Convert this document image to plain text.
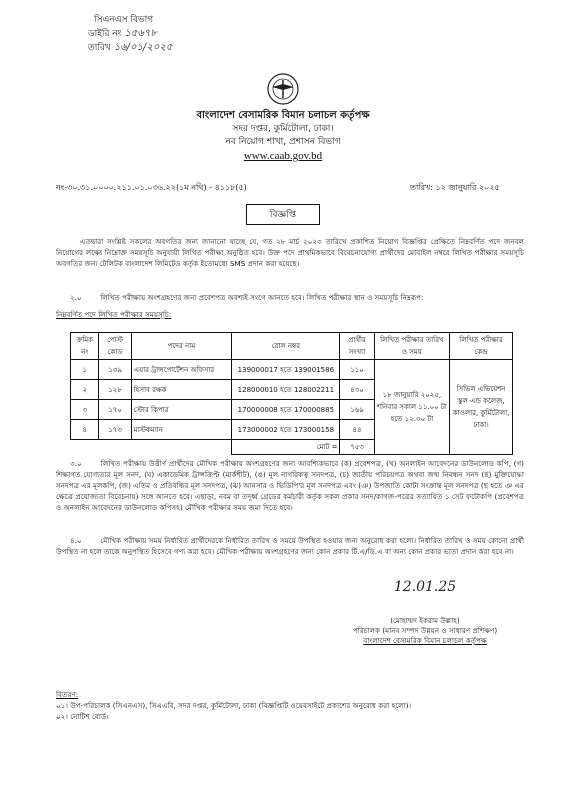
সিএনএস বিভাগ
ডাইরি নং ১৫৬৭৮
তারিখ ১৬/০১/২০২৫
বাংলাদেশ বেসামরিক বিমান চলাচল কর্তৃপক্ষ
সদর দপ্তর, কুর্মিটোলা, ঢাকা।
নব নিয়োগ শাখা, প্রশাসন বিভাগ
www.caab.gov.bd
নং-৩০.৩১.০০০০.২১১.০১.০৩৬.২২(১ম নথি) - ৪১১৮(৫)	তারিখ: ১২ জানুয়ারি ২০২৫
বিজ্ঞপ্তি
এতদ্বারা সংশ্লিষ্ট সকলের অবগতির জন্য জানানো যাচ্ছে যে, গত ২৮ মার্চ ২০২৩ তারিখে প্রকাশিত নিয়োগ বিজ্ঞপ্তির প্রেক্ষিতে নিম্নবর্ণিত পদে জনবল নিয়োগের লক্ষ্যে নিম্নোক্ত সময়সূচি অনুযায়ী লিখিত পরীক্ষা অনুষ্ঠিত হবে। উক্ত পদে প্রাথমিকভাবে বিবেচনাযোগ্য প্রার্থীদের মোবাইল নম্বরে লিখিত পরীক্ষার সময়সূচি অবগতির জন্য টেলিটক বাংলাদেশ লিমিটেড কর্তৃক ইতোমধ্যে SMS প্রদান করা হয়েছে।
২.০	লিখিত পরীক্ষায় অংশগ্রহণের জন্য প্রবেশপত্র অবশ্যই সংগে আনতে হবে। লিখিত পরীক্ষার স্থান ও সময়সূচি নিম্নরূপ:
নিম্নবর্ণিত পদে লিখিত পরীক্ষার সময়সূচি:
ক্রমিক নং	পোস্ট কোড	পদের নাম	রোল নম্বর	প্রার্থীর সংখ্যা	লিখিত পরীক্ষার তারিখ ও সময়	লিখিত পরীক্ষার কেন্দ্র
১	১৩৯	এয়ার ট্রান্সপোর্টেশন অফিসার	139000017 হতে 139001586	১১০	১৮ জানুয়ারি ২০২৫, শনিবার সকাল ১১.০০ টা হতে ১২.৩০ টা	সিভিল এভিয়েশন স্কুল এন্ড কলেজ, কাওলার, কুর্মিটোলা, ঢাকা।
২	১২৮	হিসাব রক্ষক	128000010 হতে 128002211	৪৩০		
৩	১৭০	স্টোর কিপার	170000008 হতে 170000885	১৬৯		
৪	১৭৩	মাস্টকম্যান	173000002 হতে 173000158	৪৪		
			মোট =	৭৫৩		
৩.০	লিখিত পরীক্ষায় উত্তীর্ণ প্রার্থীদের মৌখিক পরীক্ষায় অংশগ্রহণের জন্য আবশ্যিকভাবে (ক) প্রবেশপত্র, (খ) অনলাইন আবেদনের ডাউনলোড কপি, (গ) শিক্ষাগত যোগ্যতার মূল সনদ, (ঘ) একাডেমিক ট্রান্সক্রিপ্ট (মার্কশীট), (ঙ) মূল নাগরিকত্ব সনদপত্র, (চ) জাতীয় পরিচয়পত্র অথবা জন্ম নিবন্ধন সনদ (ছ) মুক্তিযোদ্ধা সনদপত্র এর মূলকপি, (জ) এতিম ও প্রতিবন্ধির মূল সনদপত্র, (ঝ) আনসার ও ভিডিপি'র মূল সনদপত্র এবং (ঞ) উপজাতি কোটা সংক্রান্ত মূল সনদপত্র (ছ হতে ঞ এর ক্ষেত্রে প্রযোজ্যতা বিবেচনায়) সঙ্গে আনতে হবে। এছাড়া, নবম বা তদূর্ধ্ব গ্রেডের কর্মচারী কর্তৃক সকল প্রকার সনদ/কাগজ-পত্রের সত্যায়িত ১ সেট ফটোকপি (প্রবেশপত্র ও অনলাইন আবেদনের ডাউনলোড কপিসহ) মৌখিক পরীক্ষার সময় জমা দিতে হবে।
৪.০	মৌখিক পরীক্ষায় সময় নির্ধারিত প্রার্থীদেরকে নির্ধারিত তারিখ ও সময়ে উপস্থিত হওয়ার জন্য অনুরোধ করা হলো। নির্ধারিত তারিখ ও সময় কোনো প্রার্থী উপস্থিত না হলে তাকে অনুপস্থিত হিসেবে গণ্য করা হবে। মৌখিক পরীক্ষায় অংশগ্রহণের জন্য কোন প্রকার টি.এ/ডি.এ বা অন্য কোন প্রকার ভাতা প্রদান করা হবে না।
12.01.25
(মোহাম্মদ ইকরাম উল্লাহ)
পরিচালক (মানব সম্পদ উন্নয়ন ও সাধারণ প্রশিক্ষণ)
বাংলাদেশ বেসামরিক বিমান চলাচল কর্তৃপক্ষ
বিতরণ:
০১। উপ-পরিচালক (সিএনএস), সিএএবি, সদর দপ্তর, কুর্মিটোলা, ঢাকা (বিজ্ঞপ্তিটি ওয়েবসাইটে প্রকাশের অনুরোধ করা হলো)।
০২। নোটিশ বোর্ড।
